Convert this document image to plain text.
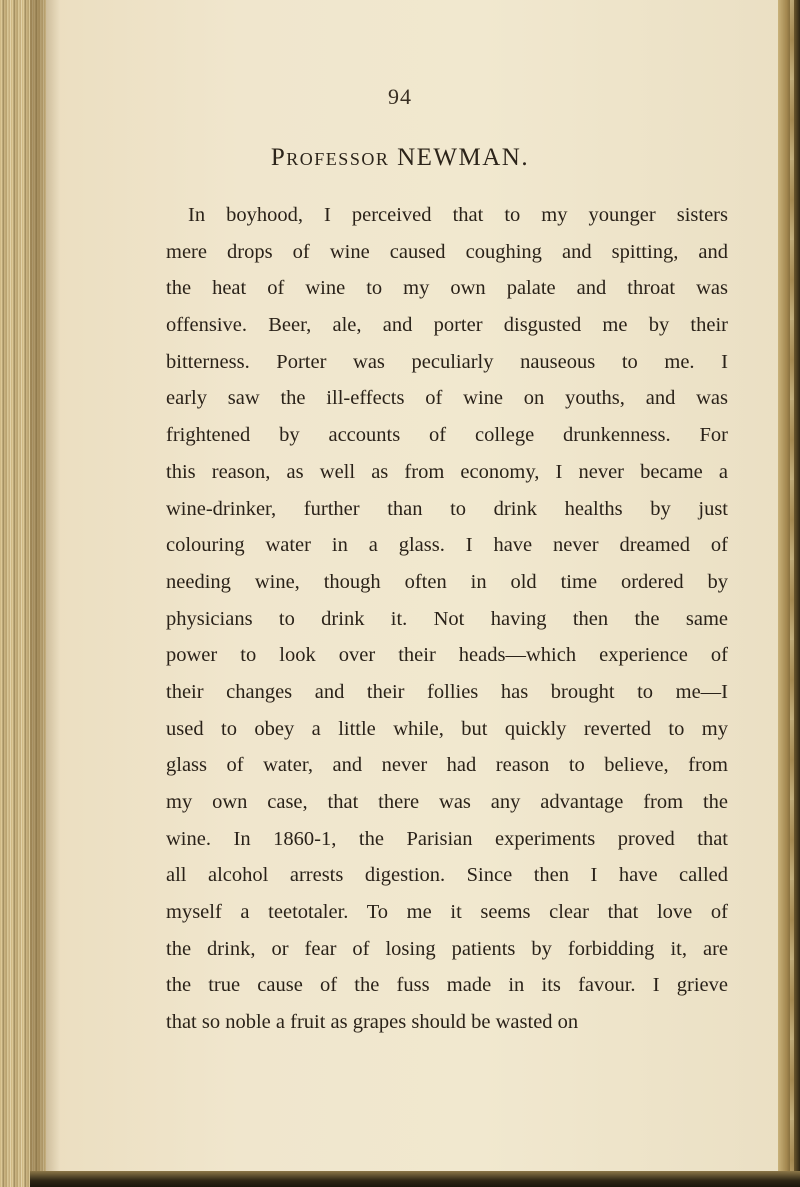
94
Professor NEWMAN.
In boyhood, I perceived that to my younger sisters
mere drops of wine caused coughing and spitting, and
the heat of wine to my own palate and throat was
offensive. Beer, ale, and porter disgusted me by their
bitterness. Porter was peculiarly nauseous to me. I
early saw the ill-effects of wine on youths, and was
frightened by accounts of college drunkenness. For
this reason, as well as from economy, I never became a
wine-drinker, further than to drink healths by just
colouring water in a glass. I have never dreamed of
needing wine, though often in old time ordered by
physicians to drink it. Not having then the same
power to look over their heads—which experience of
their changes and their follies has brought to me—I
used to obey a little while, but quickly reverted to my
glass of water, and never had reason to believe, from
my own case, that there was any advantage from the
wine. In 1860-1, the Parisian experiments proved that
all alcohol arrests digestion. Since then I have called
myself a teetotaler. To me it seems clear that love of
the drink, or fear of losing patients by forbidding it, are
the true cause of the fuss made in its favour. I grieve
that so noble a fruit as grapes should be wasted on
